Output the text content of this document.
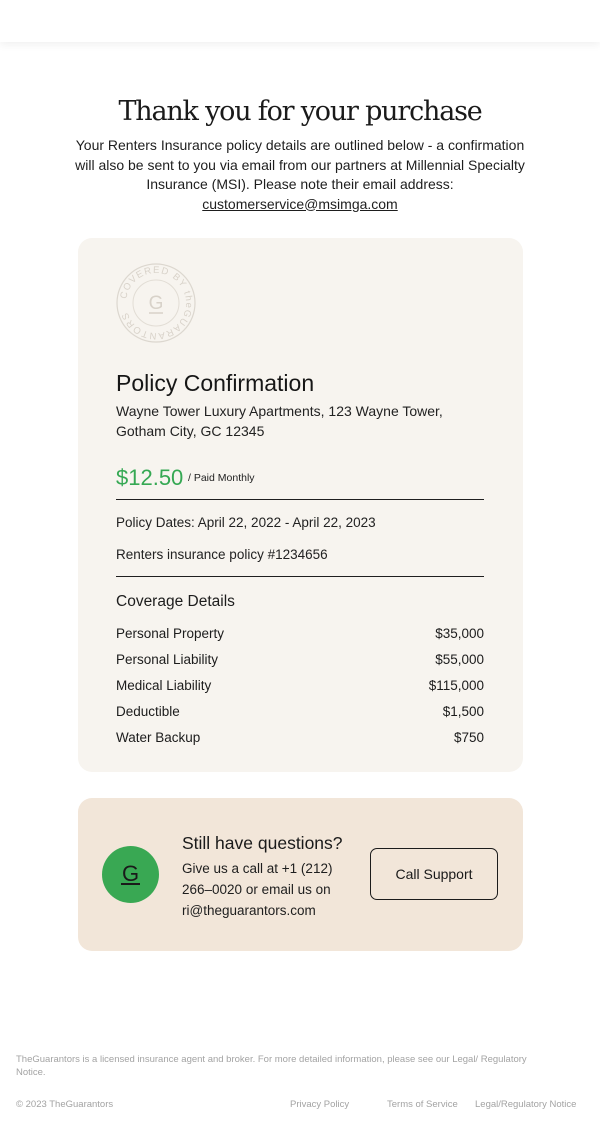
Thank you for your purchase
Your Renters Insurance policy details are outlined below - a confirmation will also be sent to you via email from our partners at Millennial Specialty Insurance (MSI). Please note their email address:
customerservice@msimga.com
COVERED BY theGUARANTORS
G
Policy Confirmation
Wayne Tower Luxury Apartments, 123 Wayne Tower, Gotham City, GC 12345
$12.50 / Paid Monthly
Policy Dates: April 22, 2022 - April 22, 2023
Renters insurance policy #1234656
Coverage Details
Personal Property	$35,000
Personal Liability	$55,000
Medical Liability	$115,000
Deductible	$1,500
Water Backup	$750
G
Still have questions?
Give us a call at +1 (212) 266–0020 or email us on ri@theguarantors.com
Call Support
TheGuarantors is a licensed insurance agent and broker. For more detailed information, please see our Legal/ Regulatory Notice.
© 2023 TheGuarantors	Privacy Policy	Terms of Service Legal/Regulatory Notice
